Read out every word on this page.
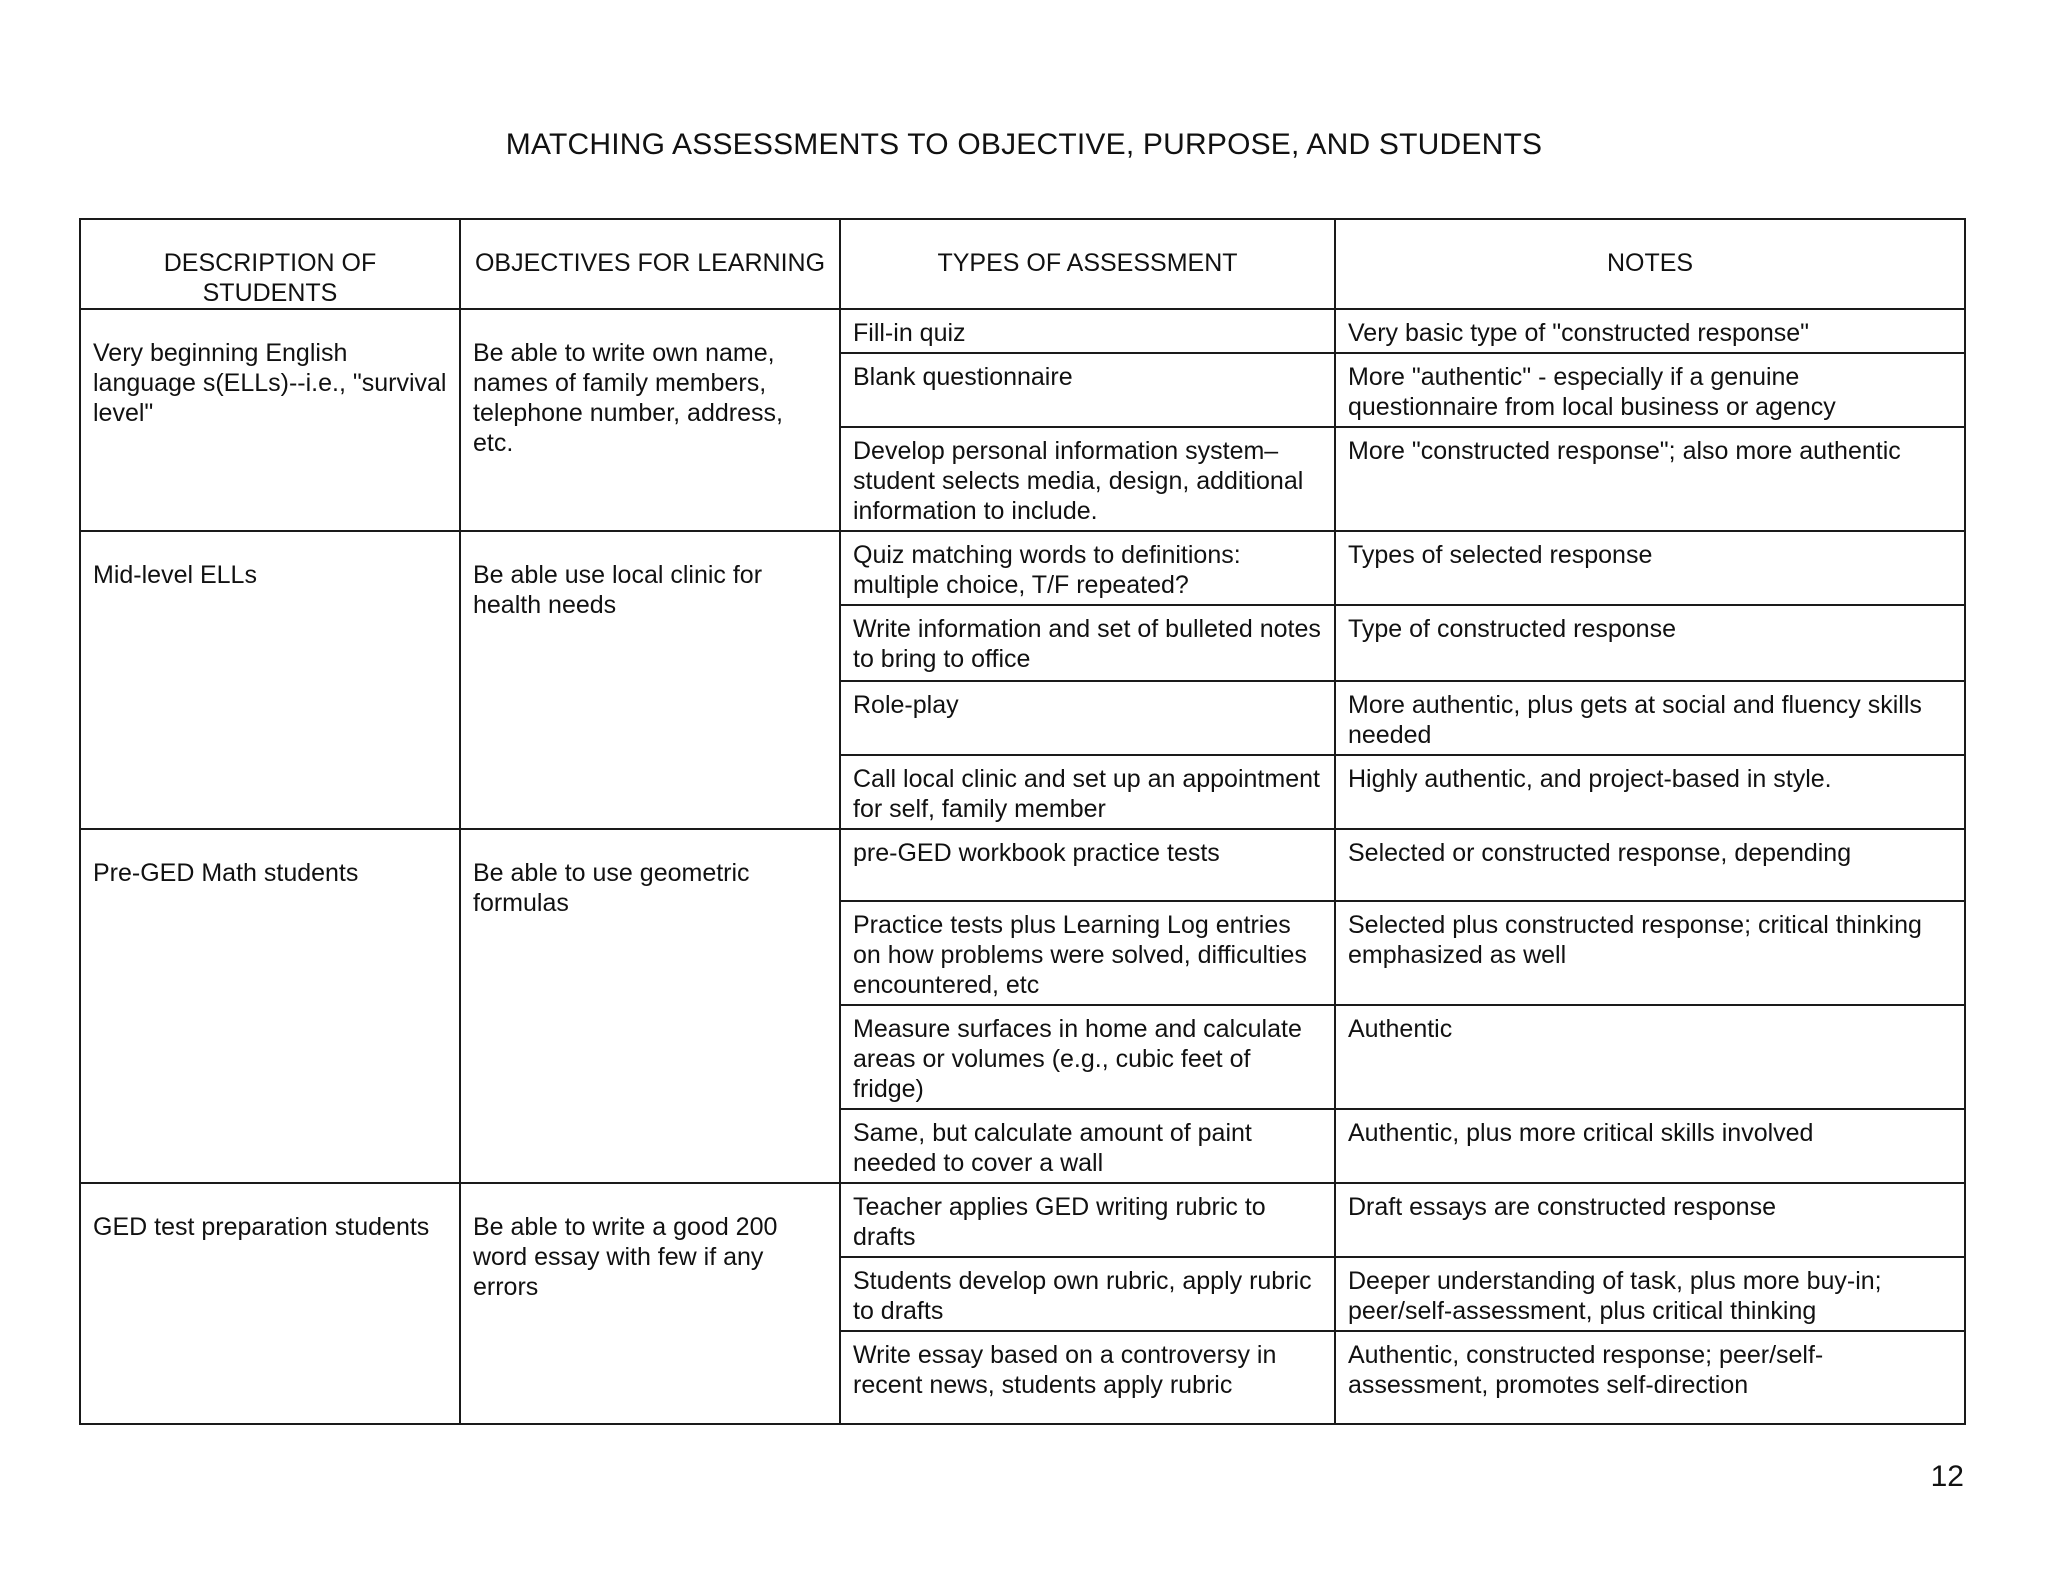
MATCHING ASSESSMENTS TO OBJECTIVE, PURPOSE, AND STUDENTS
DESCRIPTION OF STUDENTS	OBJECTIVES FOR LEARNING	TYPES OF ASSESSMENT	NOTES
Very beginning English language s(ELLs)--i.e., "survival level"	Be able to write own name, names of family members, telephone number, address, etc.	Fill-in quiz	Very basic type of "constructed response"
		Blank questionnaire	More "authentic" - especially if a genuine questionnaire from local business or agency
		Develop personal information system–student selects media, design, additional information to include.	More "constructed response"; also more authentic
Mid-level ELLs	Be able use local clinic for health needs	Quiz matching words to definitions: multiple choice, T/F repeated?	Types of selected response
		Write information and set of bulleted notes to bring to office	Type of constructed response
		Role-play	More authentic, plus gets at social and fluency skills needed
		Call local clinic and set up an appointment for self, family member	Highly authentic, and project-based in style.
Pre-GED Math students	Be able to use geometric formulas	pre-GED workbook practice tests	Selected or constructed response, depending
		Practice tests plus Learning Log entries on how problems were solved, difficulties encountered, etc	Selected plus constructed response; critical thinking emphasized as well
		Measure surfaces in home and calculate areas or volumes (e.g., cubic feet of fridge)	Authentic
		Same, but calculate amount of paint needed to cover a wall	Authentic, plus more critical skills involved
GED test preparation students	Be able to write a good 200 word essay with few if any errors	Teacher applies GED writing rubric to drafts	Draft essays are constructed response
		Students develop own rubric, apply rubric to drafts	Deeper understanding of task, plus more buy-in; peer/self-assessment, plus critical thinking
		Write essay based on a controversy in recent news, students apply rubric	Authentic, constructed response; peer/self-assessment, promotes self-direction
12
